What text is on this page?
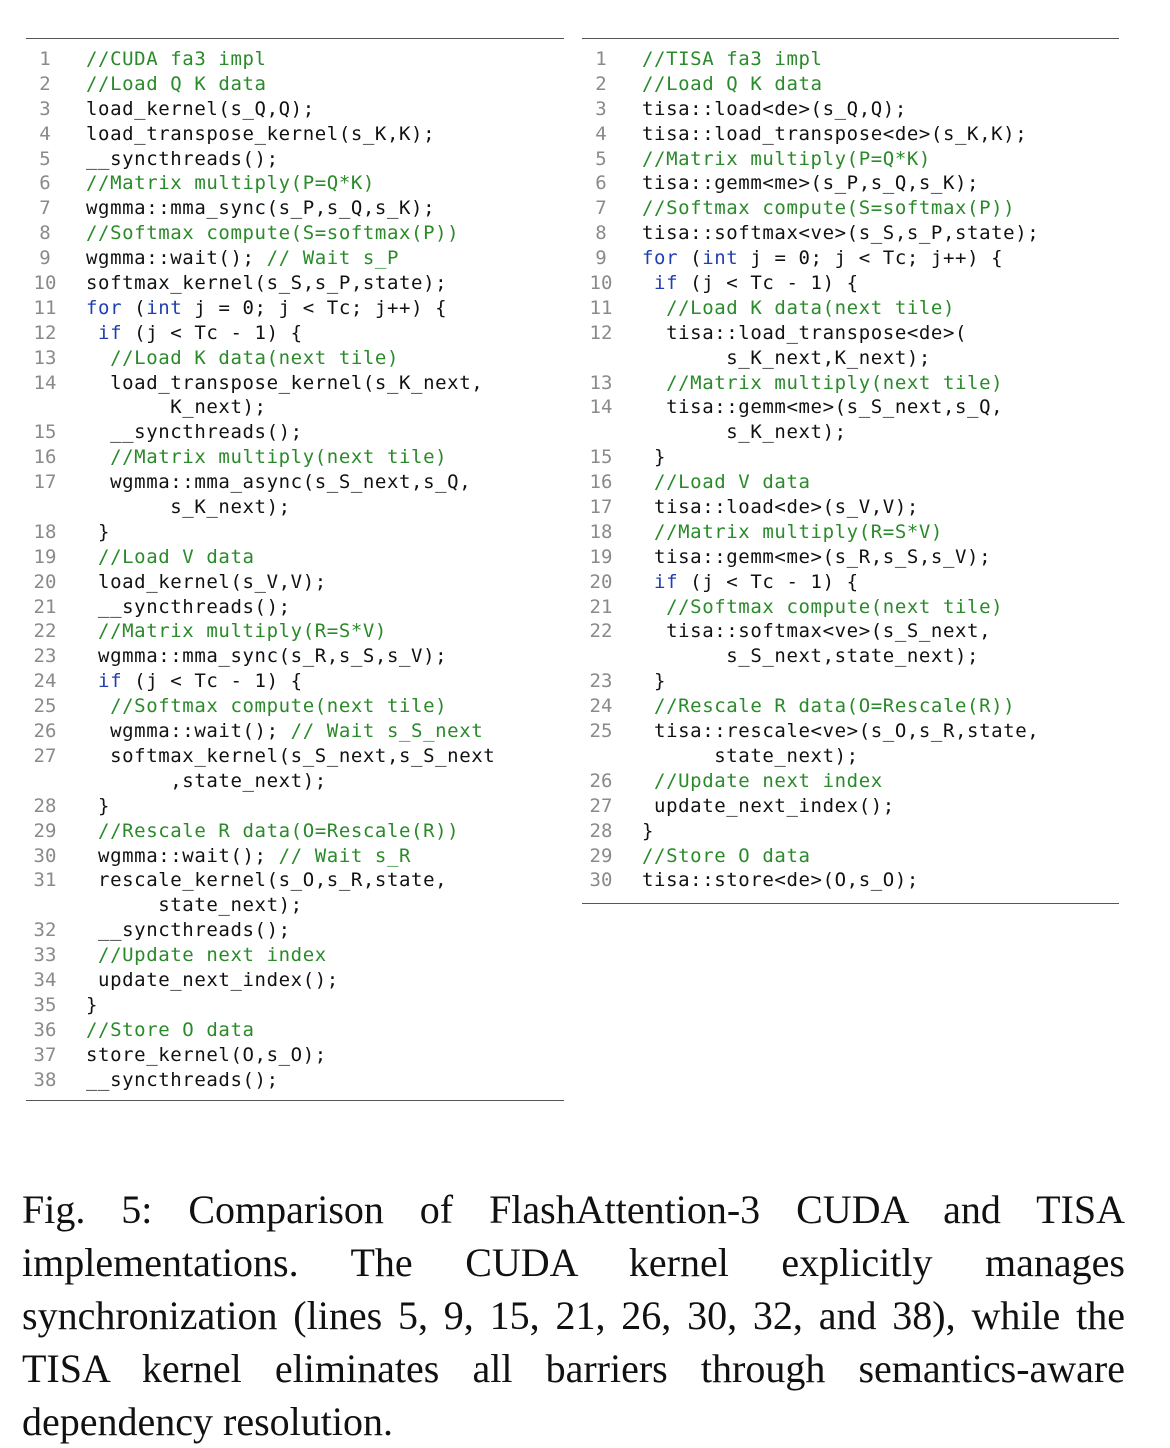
1	//CUDA fa3 impl
2	//Load Q K data
3	load_kernel(s_Q,Q);
4	load_transpose_kernel(s_K,K);
5	__syncthreads();
6	//Matrix multiply(P=Q*K)
7	wgmma::mma_sync(s_P,s_Q,s_K);
8	//Softmax compute(S=softmax(P))
9	wgmma::wait(); // Wait s_P
10	softmax_kernel(s_S,s_P,state);
11	for (int j = 0; j < Tc; j++) {
12	if (j < Tc - 1) {
13	//Load K data(next tile)
14	load_transpose_kernel(s_K_next,
K_next);
15	__syncthreads();
16	//Matrix multiply(next tile)
17	wgmma::mma_async(s_S_next,s_Q,
s_K_next);
18	}
19	//Load V data
20	load_kernel(s_V,V);
21	__syncthreads();
22	//Matrix multiply(R=S*V)
23	wgmma::mma_sync(s_R,s_S,s_V);
24	if (j < Tc - 1) {
25	//Softmax compute(next tile)
26	wgmma::wait(); // Wait s_S_next
27	softmax_kernel(s_S_next,s_S_next
,state_next);
28	}
29	//Rescale R data(O=Rescale(R))
30	wgmma::wait(); // Wait s_R
31	rescale_kernel(s_O,s_R,state,
state_next);
32	__syncthreads();
33	//Update next index
34	update_next_index();
35	}
36	//Store O data
37	store_kernel(O,s_O);
38	__syncthreads();
1	//TISA fa3 impl
2	//Load Q K data
3	tisa::load<de>(s_Q,Q);
4	tisa::load_transpose<de>(s_K,K);
5	//Matrix multiply(P=Q*K)
6	tisa::gemm<me>(s_P,s_Q,s_K);
7	//Softmax compute(S=softmax(P))
8	tisa::softmax<ve>(s_S,s_P,state);
9	for (int j = 0; j < Tc; j++) {
10	if (j < Tc - 1) {
11	//Load K data(next tile)
12	tisa::load_transpose<de>(
s_K_next,K_next);
13	//Matrix multiply(next tile)
14	tisa::gemm<me>(s_S_next,s_Q,
s_K_next);
15	}
16	//Load V data
17	tisa::load<de>(s_V,V);
18	//Matrix multiply(R=S*V)
19	tisa::gemm<me>(s_R,s_S,s_V);
20	if (j < Tc - 1) {
21	//Softmax compute(next tile)
22	tisa::softmax<ve>(s_S_next,
s_S_next,state_next);
23	}
24	//Rescale R data(O=Rescale(R))
25	tisa::rescale<ve>(s_O,s_R,state,
state_next);
26	//Update next index
27	update_next_index();
28	}
29	//Store O data
30	tisa::store<de>(O,s_O);

Fig. 5: Comparison of FlashAttention-3 CUDA and TISA implementations. The CUDA kernel explicitly manages synchronization (lines 5, 9, 15, 21, 26, 30, 32, and 38), while the TISA kernel eliminates all barriers through semantics-aware dependency resolution.
